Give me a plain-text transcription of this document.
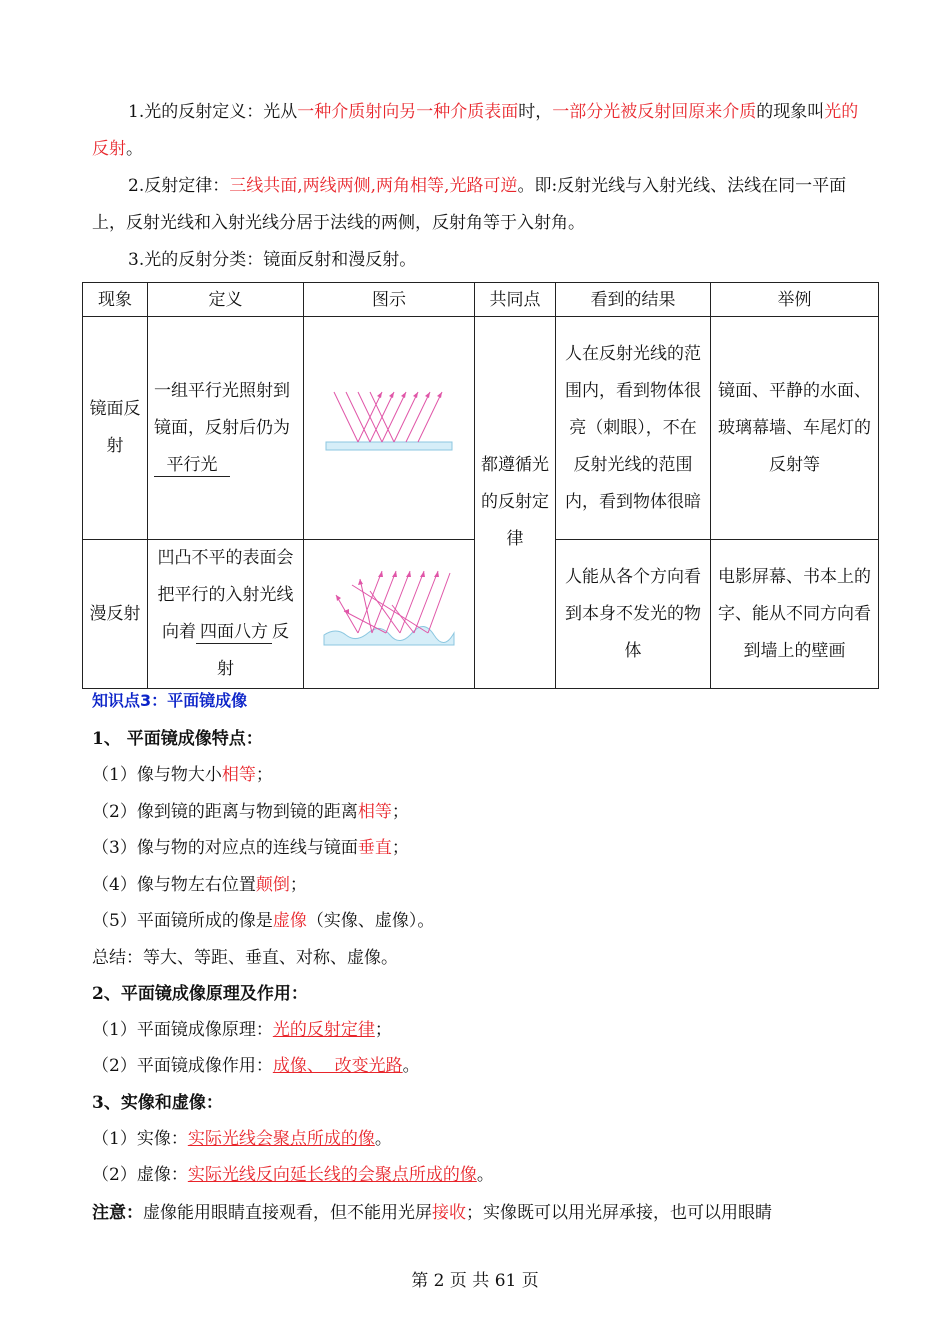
1.光的反射定义：光从一种介质射向另一种介质表面时，一部分光被反射回原来介质的现象叫光的反射。
2.反射定律：三线共面,两线两侧,两角相等,光路可逆。即:反射光线与入射光线、法线在同一平面上，反射光线和入射光线分居于法线的两侧，反射角等于入射角。
3.光的反射分类：镜面反射和漫反射。
现象	定义	图示	共同点	看到的结果	举例
镜面反射	一组平行光照射到镜面，反射后仍为平行光		都遵循光的反射定律	人在反射光线的范围内，看到物体很亮（刺眼），不在反射光线的范围内，看到物体很暗	镜面、平静的水面、玻璃幕墙、车尾灯的反射等
漫反射	凹凸不平的表面会把平行的入射光线向着 四面八方 反射			人能从各个方向看到本身不发光的物体	电影屏幕、书本上的字、能从不同方向看到墙上的壁画
知识点3：平面镜成像
1、 平面镜成像特点：
（1）像与物大小相等；
（2）像到镜的距离与物到镜的距离相等；
（3）像与物的对应点的连线与镜面垂直；
（4）像与物左右位置颠倒；
（5）平面镜所成的像是虚像（实像、虚像）。
总结：等大、等距、垂直、对称、虚像。
2、平面镜成像原理及作用：
（1）平面镜成像原理：光的反射定律；
（2）平面镜成像作用：成像、  改变光路。
3、实像和虚像：
（1）实像：实际光线会聚点所成的像。
（2）虚像：实际光线反向延长线的会聚点所成的像。
注意：虚像能用眼睛直接观看，但不能用光屏接收；实像既可以用光屏承接，也可以用眼睛
第 2 页 共 61 页
